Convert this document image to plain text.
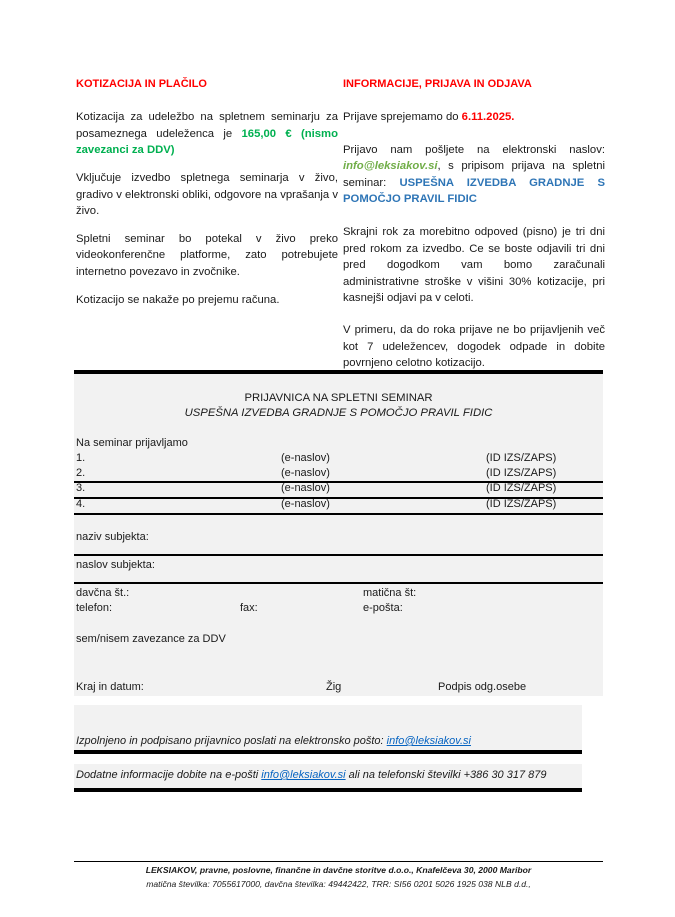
KOTIZACIJA IN PLAČILO

Kotizacija za udeležbo na spletnem seminarju za posameznega udeleženca je 165,00 € (nismo zavezanci za DDV)

Vključuje izvedbo spletnega seminarja v živo, gradivo v elektronski obliki, odgovore na vprašanja v živo.

Spletni seminar bo potekal v živo preko videokonferenčne platforme, zato potrebujete internetno povezavo in zvočnike.

Kotizacijo se nakaže po prejemu računa.

INFORMACIJE, PRIJAVA IN ODJAVA

Prijave sprejemamo do 6.11.2025.

Prijavo nam pošljete na elektronski naslov: info@leksiakov.si, s pripisom prijava na spletni seminar: USPEŠNA IZVEDBA GRADNJE S POMOČJO PRAVIL FIDIC

Skrajni rok za morebitno odpoved (pisno) je tri dni pred rokom za izvedbo. Ce se boste odjavili tri dni pred dogodkom vam bomo zaračunali administrativne stroške v višini 30% kotizacije, pri kasnejši odjavi pa v celoti.

V primeru, da do roka prijave ne bo prijavljenih več kot 7 udeležencev, dogodek odpade in dobite povrnjeno celotno kotizacijo.

PRIJAVNICA NA SPLETNI SEMINAR
USPEŠNA IZVEDBA GRADNJE S POMOČJO PRAVIL FIDIC
Na seminar prijavljamo
1.	(e-naslov)	(ID IZS/ZAPS)
2.	(e-naslov)	(ID IZS/ZAPS)
3.	(e-naslov)	(ID IZS/ZAPS)
4.	(e-naslov)	(ID IZS/ZAPS)
naziv subjekta:
naslov subjekta:
davčna št.:	matična št:
telefon:	fax:	e-pošta:
sem/nisem zavezance za DDV
Kraj in datum:	Žig	Podpis odg.osebe
Izpolnjeno in podpisano prijavnico poslati na elektronsko pošto: info@leksiakov.si
Dodatne informacije dobite na e-pošti info@leksiakov.si ali na telefonski številki +386 30 317 879
LEKSIAKOV, pravne, poslovne, finančne in davčne storitve d.o.o., Knafelčeva 30, 2000 Maribor
matična številka: 7055617000, davčna številka: 49442422, TRR: SI56 0201 5026 1925 038 NLB d.d.,
